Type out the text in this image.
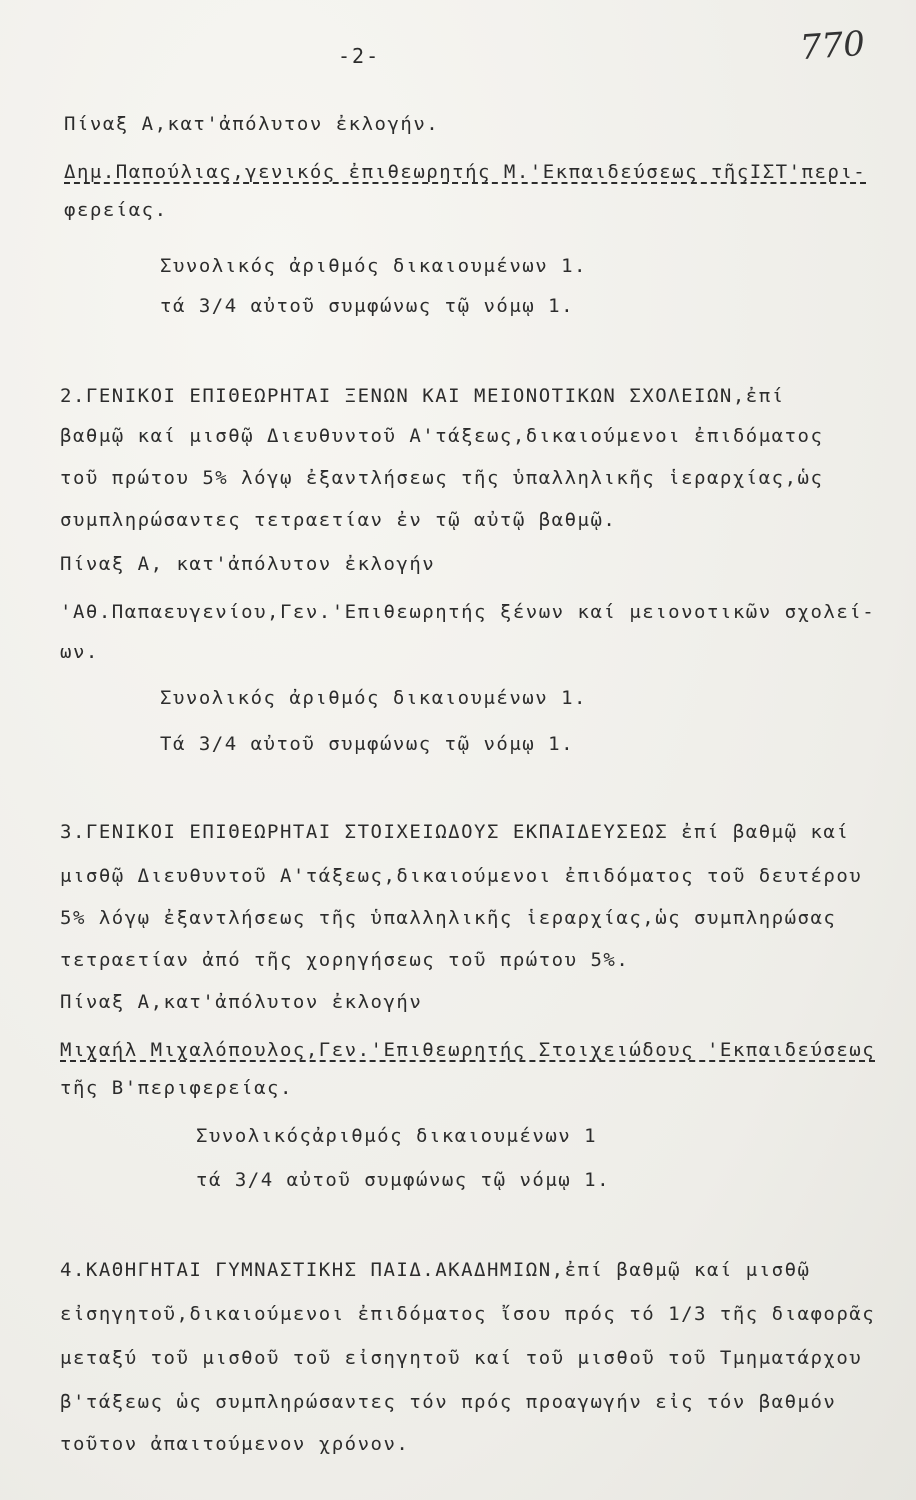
-2-	770
Πίναξ Α,κατ'ἀπόλυτον ἐκλογήν.
Δημ.Παπούλιας,γενικός ἐπιθεωρητής Μ.'Εκπαιδεύσεως τῆςΙΣΤ'περι-
φερείας.
Συνολικός ἀριθμός δικαιουμένων 1.
τά 3/4 αὐτοῦ συμφώνως τῷ νόμῳ 1.
2.ΓΕΝΙΚΟΙ ΕΠΙΘΕΩΡΗΤΑΙ ΞΕΝΩΝ ΚΑΙ ΜΕΙΟΝΟΤΙΚΩΝ ΣΧΟΛΕΙΩΝ,ἐπί
βαθμῷ καί μισθῷ Διευθυντοῦ Α'τάξεως,δικαιούμενοι ἐπιδόματος
τοῦ πρώτου 5% λόγῳ ἐξαντλήσεως τῆς ὑπαλληλικῆς ἱεραρχίας,ὡς
συμπληρώσαντες τετραετίαν ἐν τῷ αὐτῷ βαθμῷ.
Πίναξ Α, κατ'ἀπόλυτον ἐκλογήν
'Αθ.Παπαευγενίου,Γεν.'Επιθεωρητής ξένων καί μειονοτικῶν σχολεί-
ων.
Συνολικός ἀριθμός δικαιουμένων 1.
Τά 3/4 αὐτοῦ συμφώνως τῷ νόμῳ 1.
3.ΓΕΝΙΚΟΙ ΕΠΙΘΕΩΡΗΤΑΙ ΣΤΟΙΧΕΙΩΔΟΥΣ ΕΚΠΑΙΔΕΥΣΕΩΣ ἐπί βαθμῷ καί
μισθῷ Διευθυντοῦ Α'τάξεως,δικαιούμενοι ἐπιδόματος τοῦ δευτέρου
5% λόγῳ ἐξαντλήσεως τῆς ὑπαλληλικῆς ἱεραρχίας,ὡς συμπληρώσας
τετραετίαν ἀπό τῆς χορηγήσεως τοῦ πρώτου 5%.
Πίναξ Α,κατ'ἀπόλυτον ἐκλογήν
Μιχαήλ Μιχαλόπουλος,Γεν.'Επιθεωρητής Στοιχειώδους 'Εκπαιδεύσεως
τῆς Β'περιφερείας.
Συνολικόςἀριθμός δικαιουμένων 1
τά 3/4 αὐτοῦ συμφώνως τῷ νόμῳ 1.
4.ΚΑΘΗΓΗΤΑΙ ΓΥΜΝΑΣΤΙΚΗΣ ΠΑΙΔ.ΑΚΑΔΗΜΙΩΝ,ἐπί βαθμῷ καί μισθῷ
εἰσηγητοῦ,δικαιούμενοι ἐπιδόματος ἴσου πρός τό 1/3 τῆς διαφορᾶς
μεταξύ τοῦ μισθοῦ τοῦ εἰσηγητοῦ καί τοῦ μισθοῦ τοῦ Τμηματάρχου
β'τάξεως ὡς συμπληρώσαντες τόν πρός προαγωγήν εἰς τόν βαθμόν
τοῦτον ἀπαιτούμενον χρόνον.
